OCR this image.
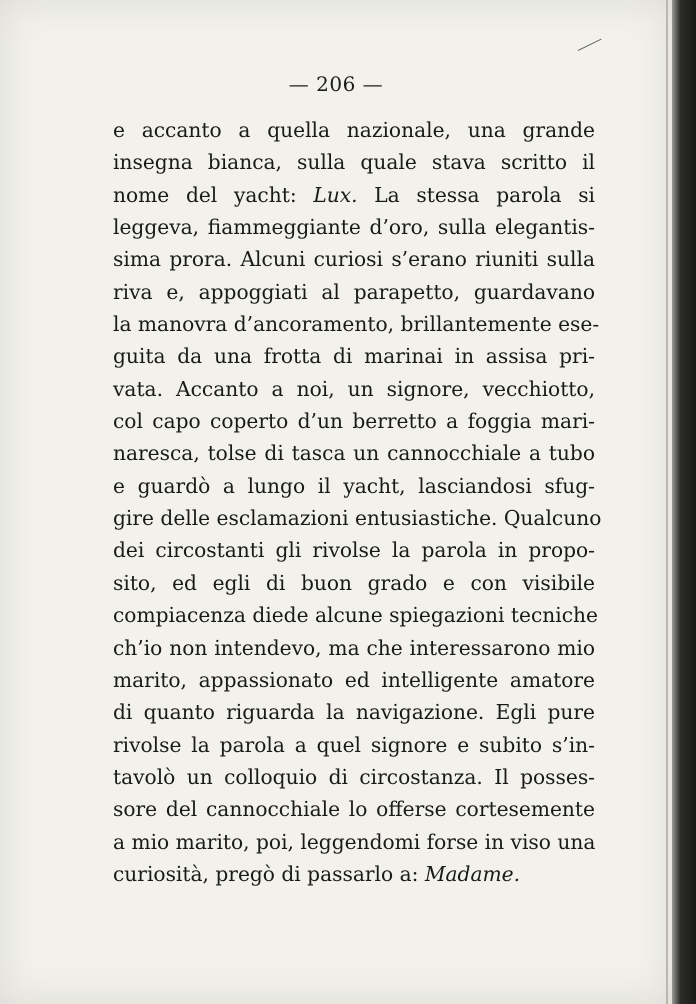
— 206 —
e accanto a quella nazionale, una grande
insegna bianca, sulla quale stava scritto il
nome del yacht: Lux. La stessa parola si
leggeva, fiammeggiante d’oro, sulla elegantis-
sima prora. Alcuni curiosi s’erano riuniti sulla
riva e, appoggiati al parapetto, guardavano
la manovra d’ancoramento, brillantemente ese-
guita da una frotta di marinai in assisa pri-
vata. Accanto a noi, un signore, vecchiotto,
col capo coperto d’un berretto a foggia mari-
naresca, tolse di tasca un cannocchiale a tubo
e guardò a lungo il yacht, lasciandosi sfug-
gire delle esclamazioni entusiastiche. Qualcuno
dei circostanti gli rivolse la parola in propo-
sito, ed egli di buon grado e con visibile
compiacenza diede alcune spiegazioni tecniche
ch’io non intendevo, ma che interessarono mio
marito, appassionato ed intelligente amatore
di quanto riguarda la navigazione. Egli pure
rivolse la parola a quel signore e subito s’in-
tavolò un colloquio di circostanza. Il posses-
sore del cannocchiale lo offerse cortesemente
a mio marito, poi, leggendomi forse in viso una
curiosità, pregò di passarlo a: Madame.
